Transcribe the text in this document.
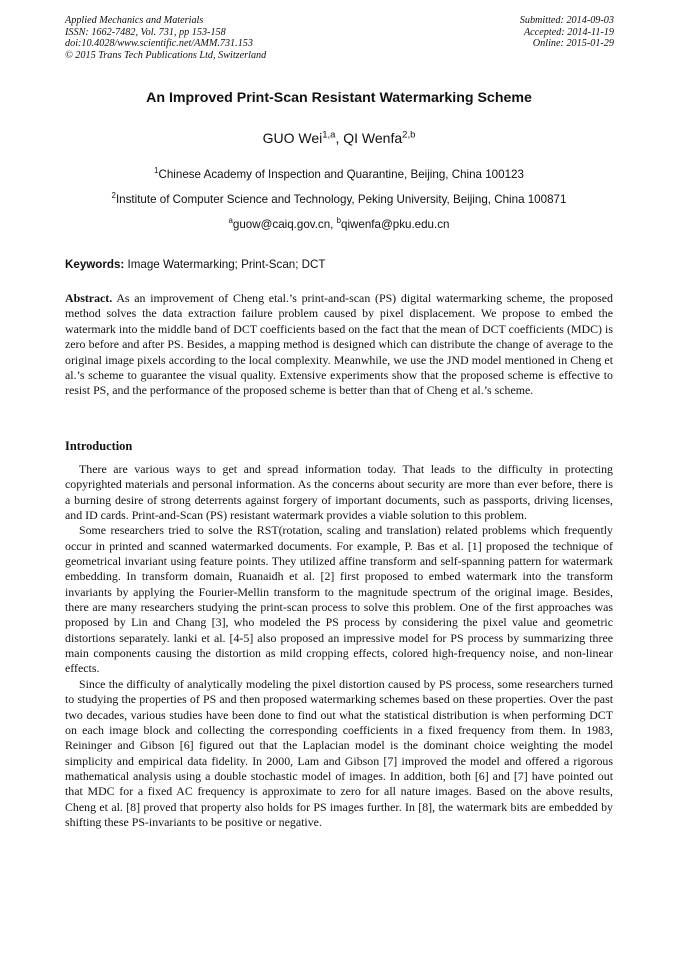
Applied Mechanics and Materials
ISSN: 1662-7482, Vol. 731, pp 153-158
doi:10.4028/www.scientific.net/AMM.731.153
© 2015 Trans Tech Publications Ltd, Switzerland
Submitted: 2014-09-03
Accepted: 2014-11-19
Online: 2015-01-29
An Improved Print-Scan Resistant Watermarking Scheme
GUO Wei$^{1,a}$, QI Wenfa$^{2,b}$
$^1$Chinese Academy of Inspection and Quarantine, Beijing, China 100123
$^2$Institute of Computer Science and Technology, Peking University, Beijing, China 100871
$^a$guow@caiq.gov.cn, $^b$qiwenfa@pku.edu.cn
Keywords: Image Watermarking; Print-Scan; DCT
Abstract. As an improvement of Cheng etal.’s print-and-scan (PS) digital watermarking scheme, the proposed method solves the data extraction failure problem caused by pixel displacement. We propose to embed the watermark into the middle band of DCT coefficients based on the fact that the mean of DCT coefficients (MDC) is zero before and after PS. Besides, a mapping method is designed which can distribute the change of average to the original image pixels according to the local complexity. Meanwhile, we use the JND model mentioned in Cheng et al.’s scheme to guarantee the visual quality. Extensive experiments show that the proposed scheme is effective to resist PS, and the performance of the proposed scheme is better than that of Cheng et al.’s scheme.
Introduction

There are various ways to get and spread information today. That leads to the difficulty in protecting copyrighted materials and personal information. As the concerns about security are more than ever before, there is a burning desire of strong deterrents against forgery of important documents, such as passports, driving licenses, and ID cards. Print-and-Scan (PS) resistant watermark provides a viable solution to this problem.

Some researchers tried to solve the RST(rotation, scaling and translation) related problems which frequently occur in printed and scanned watermarked documents. For example, P. Bas et al. [1] proposed the technique of geometrical invariant using feature points. They utilized affine transform and self-spanning pattern for watermark embedding. In transform domain, Ruanaidh et al. [2] first proposed to embed watermark into the transform invariants by applying the Fourier-Mellin transform to the magnitude spectrum of the original image. Besides, there are many researchers studying the print-scan process to solve this problem. One of the first approaches was proposed by Lin and Chang [3], who modeled the PS process by considering the pixel value and geometric distortions separately. lanki et al. [4-5] also proposed an impressive model for PS process by summarizing three main components causing the distortion as mild cropping effects, colored high-frequency noise, and non-linear effects.

Since the difficulty of analytically modeling the pixel distortion caused by PS process, some researchers turned to studying the properties of PS and then proposed watermarking schemes based on these properties. Over the past two decades, various studies have been done to find out what the statistical distribution is when performing DCT on each image block and collecting the corresponding coefficients in a fixed frequency from them. In 1983, Reininger and Gibson [6] figured out that the Laplacian model is the dominant choice weighting the model simplicity and empirical data fidelity. In 2000, Lam and Gibson [7] improved the model and offered a rigorous mathematical analysis using a double stochastic model of images. In addition, both [6] and [7] have pointed out that MDC for a fixed AC frequency is approximate to zero for all nature images. Based on the above results, Cheng et al. [8] proved that property also holds for PS images further. In [8], the watermark bits are embedded by shifting these PS-invariants to be positive or negative.
